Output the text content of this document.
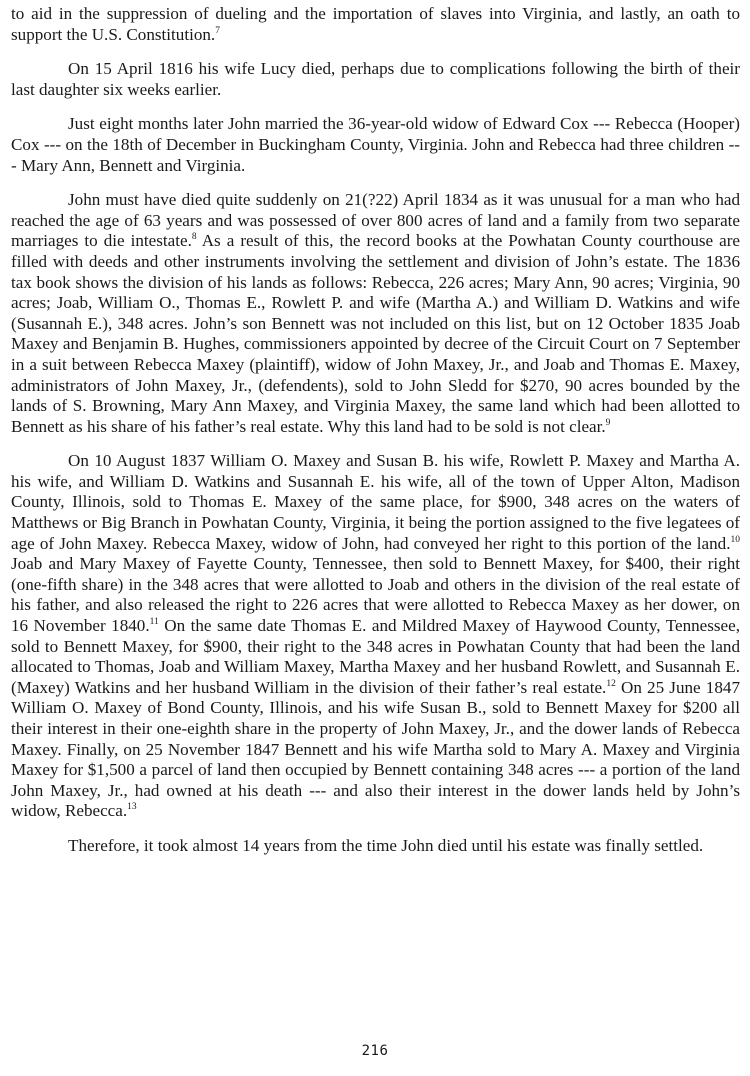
to aid in the suppression of dueling and the importation of slaves into Virginia, and lastly, an oath to support the U.S. Constitution.$^7$

On 15 April 1816 his wife Lucy died, perhaps due to complications following the birth of their last daughter six weeks earlier.

Just eight months later John married the 36-year-old widow of Edward Cox --- Rebecca (Hooper) Cox --- on the 18th of December in Buckingham County, Virginia. John and Rebecca had three children --- Mary Ann, Bennett and Virginia.

John must have died quite suddenly on 21(?22) April 1834 as it was unusual for a man who had reached the age of 63 years and was possessed of over 800 acres of land and a family from two separate marriages to die intestate.$^8$ As a result of this, the record books at the Powhatan County courthouse are filled with deeds and other instruments involving the settlement and division of John’s estate. The 1836 tax book shows the division of his lands as follows: Rebecca, 226 acres; Mary Ann, 90 acres; Virginia, 90 acres; Joab, William O., Thomas E., Rowlett P. and wife (Martha A.) and William D. Watkins and wife (Susannah E.), 348 acres. John’s son Bennett was not included on this list, but on 12 October 1835 Joab Maxey and Benjamin B. Hughes, commissioners appointed by decree of the Circuit Court on 7 September in a suit between Rebecca Maxey (plaintiff), widow of John Maxey, Jr., and Joab and Thomas E. Maxey, administrators of John Maxey, Jr., (defendents), sold to John Sledd for $270, 90 acres bounded by the lands of S. Browning, Mary Ann Maxey, and Virginia Maxey, the same land which had been allotted to Bennett as his share of his father’s real estate. Why this land had to be sold is not clear.$^9$

On 10 August 1837 William O. Maxey and Susan B. his wife, Rowlett P. Maxey and Martha A. his wife, and William D. Watkins and Susannah E. his wife, all of the town of Upper Alton, Madison County, Illinois, sold to Thomas E. Maxey of the same place, for $900, 348 acres on the waters of Matthews or Big Branch in Powhatan County, Virginia, it being the portion assigned to the five legatees of age of John Maxey. Rebecca Maxey, widow of John, had conveyed her right to this portion of the land.$^{10}$ Joab and Mary Maxey of Fayette County, Tennessee, then sold to Bennett Maxey, for $400, their right (one-fifth share) in the 348 acres that were allotted to Joab and others in the division of the real estate of his father, and also released the right to 226 acres that were allotted to Rebecca Maxey as her dower, on 16 November 1840.11 On the same date Thomas E. and Mildred Maxey of Haywood County, Tennessee, sold to Bennett Maxey, for $900, their right to the 348 acres in Powhatan County that had been the land allocated to Thomas, Joab and William Maxey, Martha Maxey and her husband Rowlett, and Susannah E. (Maxey) Watkins and her husband William in the division of their father’s real estate.$^{12}$ On 25 June 1847 William O. Maxey of Bond County, Illinois, and his wife Susan B., sold to Bennett Maxey for $200 all their interest in their one-eighth share in the property of John Maxey, Jr., and the dower lands of Rebecca Maxey. Finally, on 25 November 1847 Bennett and his wife Martha sold to Mary A. Maxey and Virginia Maxey for $1,500 a parcel of land then occupied by Bennett containing 348 acres --- a portion of the land John Maxey, Jr., had owned at his death --- and also their interest in the dower lands held by John’s widow, Rebecca.$^{13}$

Therefore, it took almost 14 years from the time John died until his estate was finally settled.

216
